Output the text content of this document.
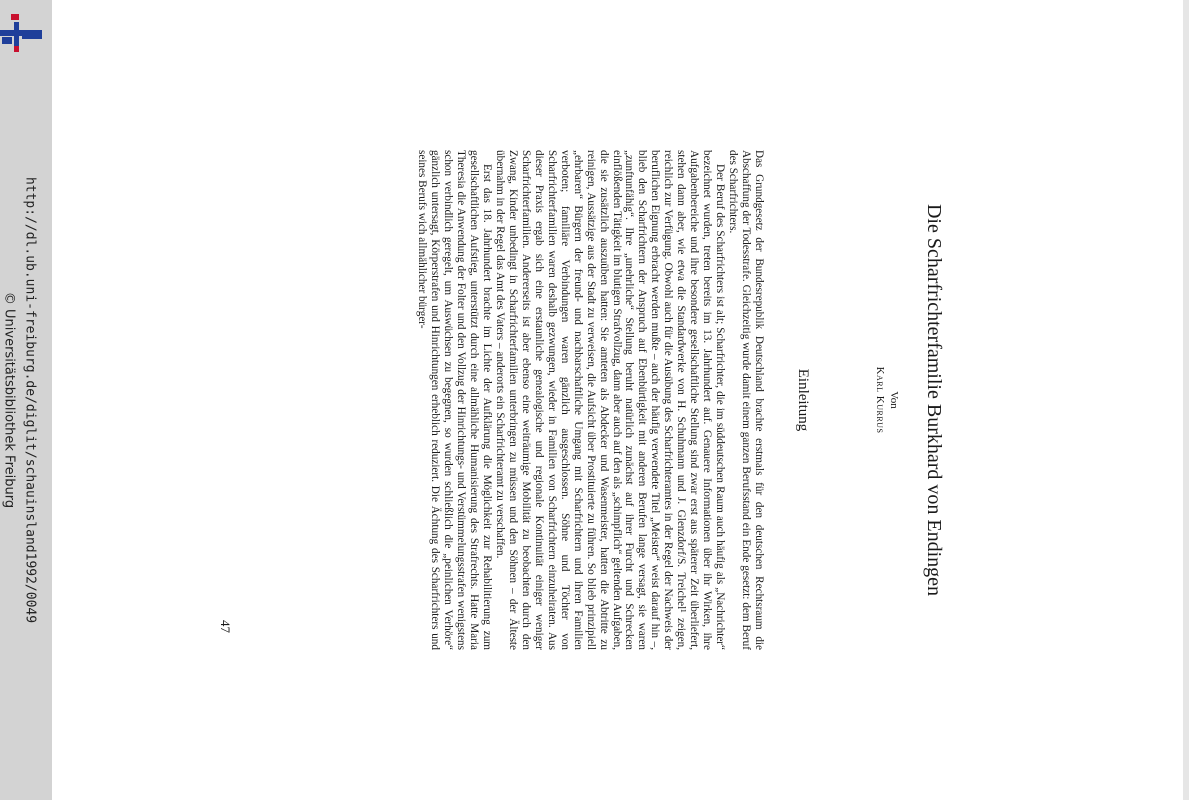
http://dl.ub.uni-freiburg.de/diglit/schauinsland1992/0049
© Universitätsbibliothek Freiburg	Die Scharfrichterfamilie Burkhard von Endingen
Von
Karl Kurrus
Einleitung

Das Grundgesetz der Bundesrepublik Deutschland brachte erstmals für den deutschen Rechtsraum die Abschaffung der Todesstrafe. Gleichzeitig wurde damit einem ganzen Berufsstand ein Ende gesetzt: dem Beruf des Scharfrichters.

Der Beruf des Scharfrichters ist alt; Scharfrichter, die im süddeutschen Raum auch häufig als „Nachrichter“ bezeichnet wurden, treten bereits im 13. Jahrhundert auf. Genauere Informationen über ihr Wirken, ihre Aufgabenbereiche und ihre besondere gesellschaftliche Stellung sind zwar erst aus späterer Zeit überliefert, stehen dann aber, wie etwa die Standardwerke von H. Schuhmann und J. Glenzdorf/S. Treichel¹ zeigen, reichlich zur Verfügung. Obwohl auch für die Ausübung des Scharfrichteramtes in der Regel der Nachweis der beruflichen Eignung erbracht werden mußte – auch der häufig verwendete Titel „Meister“ weist darauf hin –, blieb den Scharfrichtern der Anspruch auf Ebenbürtigkeit mit anderen Berufen lange versagt, sie waren „zunftunfähig“. Ihre „unehrliche“ Stellung beruht natürlich zunächst auf ihrer Furcht und Schrecken einflößenden Tätigkeit im blutigen Strafvollzug, dann aber auch auf den als „schimpflich“ geltenden Aufgaben, die sie zusätzlich auszuüben hatten: Sie amteten als Abdecker und Wasenmeister, hatten die Abtritte zu reinigen, Aussätzige aus der Stadt zu verweisen, die Aufsicht über Prostituierte zu führen. So blieb prinzipiell „ehrbaren“ Bürgern der freund- und nachbarschaftliche Umgang mit Scharfrichtern und ihren Familien verboten; familiäre Verbindungen waren gänzlich ausgeschlossen. Söhne und Töchter von Scharfrichterfamilien waren deshalb gezwungen, wieder in Familien von Scharfrichtern einzuheiraten. Aus dieser Praxis ergab sich eine erstaunliche genealogische und regionale Kontinuität einiger weniger Scharfrichterfamilien. Andererseits ist aber ebenso eine weiträumige Mobilität zu beobachten durch den Zwang, Kinder unbedingt in Scharfrichterfamilien unterbringen zu müssen und den Söhnen – der Älteste übernahm in der Regel das Amt des Vaters – anderorts ein Scharfrichteramt zu verschaffen.

Erst das 18. Jahrhundert brachte im Lichte der Aufklärung die Möglichkeit zur Rehabilitierung zum gesellschaftlichen Aufstieg, unterstützt durch eine allmähliche Humanisierung des Strafrechts. Hatte Maria Theresia die Anwendung der Folter und den Vollzug der Hinrichtungs- und Verstümmelungsstrafen wenigstens schon verbindlich geregelt, um Auswüchsen zu begegnen, so wurden schließlich die „peinlichen Verhöre“ gänzlich untersagt, Körperstrafen und Hinrichtungen erheblich reduziert. Die Ächtung des Scharfrichters und seines Berufs wich allmählicher bürger-

47
